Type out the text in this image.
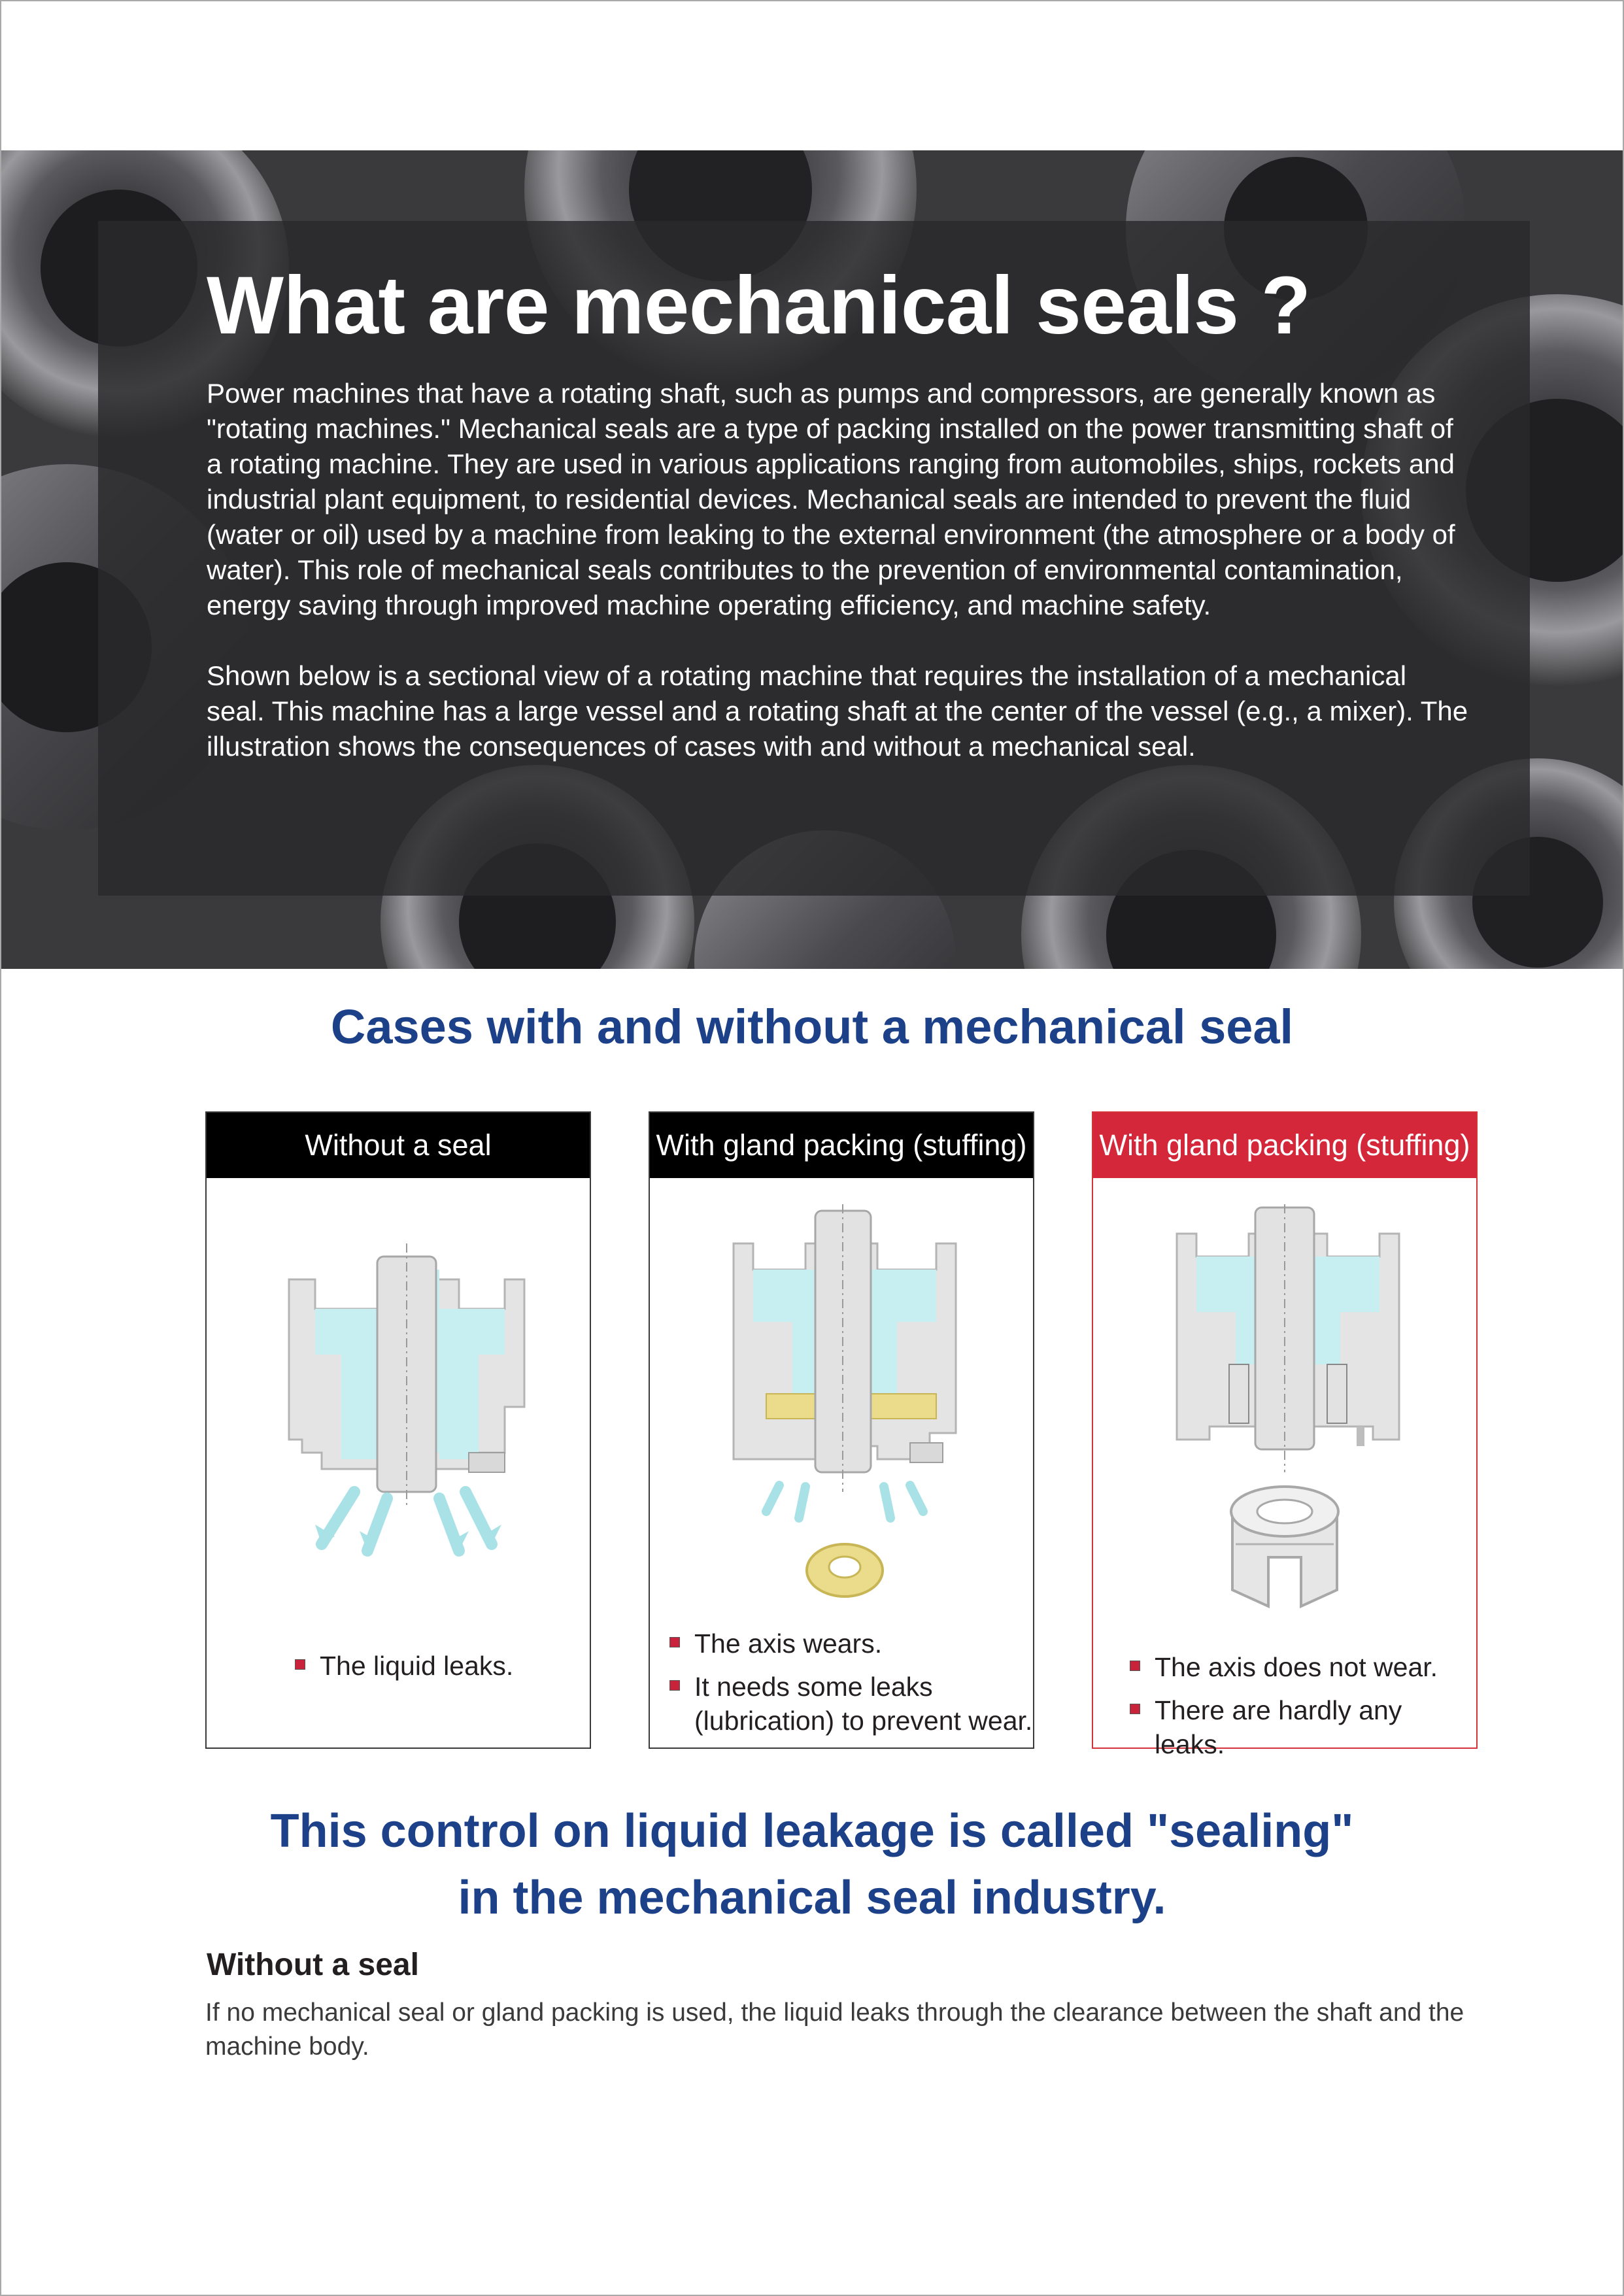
What are mechanical seals ?

Power machines that have a rotating shaft, such as pumps and compressors, are generally known as "rotating machines." Mechanical seals are a type of packing installed on the power transmitting shaft of a rotating machine. They are used in various applications ranging from automobiles, ships, rockets and industrial plant equipment, to residential devices. Mechanical seals are intended to prevent the fluid (water or oil) used by a machine from leaking to the external environment (the atmosphere or a body of water). This role of mechanical seals contributes to the prevention of environmental contamination, energy saving through improved machine operating efficiency, and machine safety.

Shown below is a sectional view of a rotating machine that requires the installation of a mechanical seal. This machine has a large vessel and a rotating shaft at the center of the vessel (e.g., a mixer). The illustration shows the consequences of cases with and without a mechanical seal.

Cases with and without a mechanical seal
Without a seal
The liquid leaks.
With gland packing (stuffing)
The axis wears.
It needs some leaks (lubrication) to prevent wear.
With gland packing (stuffing)
The axis does not wear.
There are hardly any leaks.
This control on liquid leakage is called "sealing"
in the mechanical seal industry.
Without a seal

If no mechanical seal or gland packing is used, the liquid leaks through the clearance between the shaft and the machine body.
